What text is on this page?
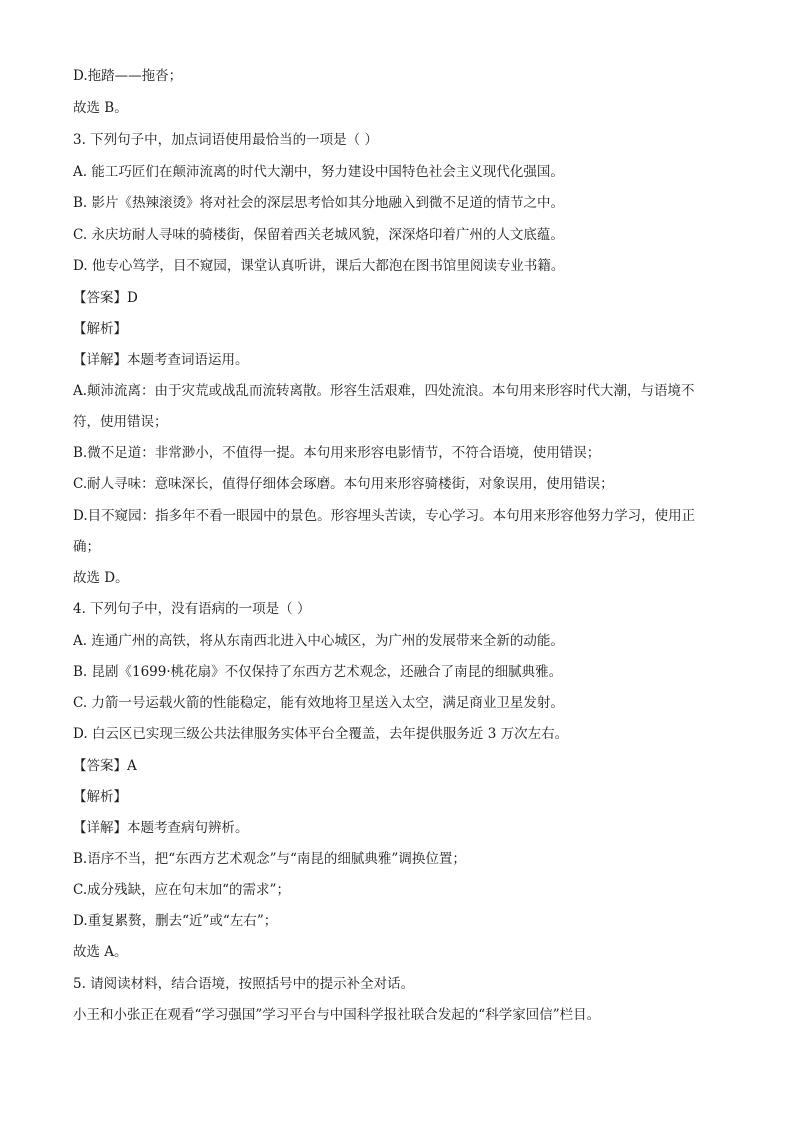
D.拖踏——拖沓；
故选 B。
3. 下列句子中，加点词语使用最恰当的一项是（ ）
A. 能工巧匠们在颠沛流离的时代大潮中，努力建设中国特色社会主义现代化强国。
B. 影片《热辣滚烫》将对社会的深层思考恰如其分地融入到微不足道的情节之中。
C. 永庆坊耐人寻味的骑楼街，保留着西关老城风貌，深深烙印着广州的人文底蕴。
D. 他专心笃学，目不窥园，课堂认真听讲，课后大都泡在图书馆里阅读专业书籍。
【答案】D
【解析】
【详解】本题考查词语运用。
A.颠沛流离：由于灾荒或战乱而流转离散。形容生活艰难，四处流浪。本句用来形容时代大潮，与语境不
符，使用错误；
B.微不足道：非常渺小，不值得一提。本句用来形容电影情节，不符合语境，使用错误；
C.耐人寻味：意味深长，值得仔细体会琢磨。本句用来形容骑楼街，对象误用，使用错误；
D.目不窥园：指多年不看一眼园中的景色。形容埋头苦读，专心学习。本句用来形容他努力学习，使用正
确；
故选 D。
4. 下列句子中，没有语病的一项是（ ）
A. 连通广州的高铁，将从东南西北进入中心城区，为广州的发展带来全新的动能。
B. 昆剧《1699·桃花扇》不仅保持了东西方艺术观念，还融合了南昆的细腻典雅。
C. 力箭一号运载火箭的性能稳定，能有效地将卫星送入太空，满足商业卫星发射。
D. 白云区已实现三级公共法律服务实体平台全覆盖，去年提供服务近 3 万次左右。
【答案】A
【解析】
【详解】本题考查病句辨析。
B.语序不当，把“东西方艺术观念”与“南昆的细腻典雅”调换位置；
C.成分残缺，应在句末加“的需求”；
D.重复累赘，删去“近”或“左右”；
故选 A。
5. 请阅读材料，结合语境，按照括号中的提示补全对话。
小王和小张正在观看“学习强国”学习平台与中国科学报社联合发起的“科学家回信”栏目。
